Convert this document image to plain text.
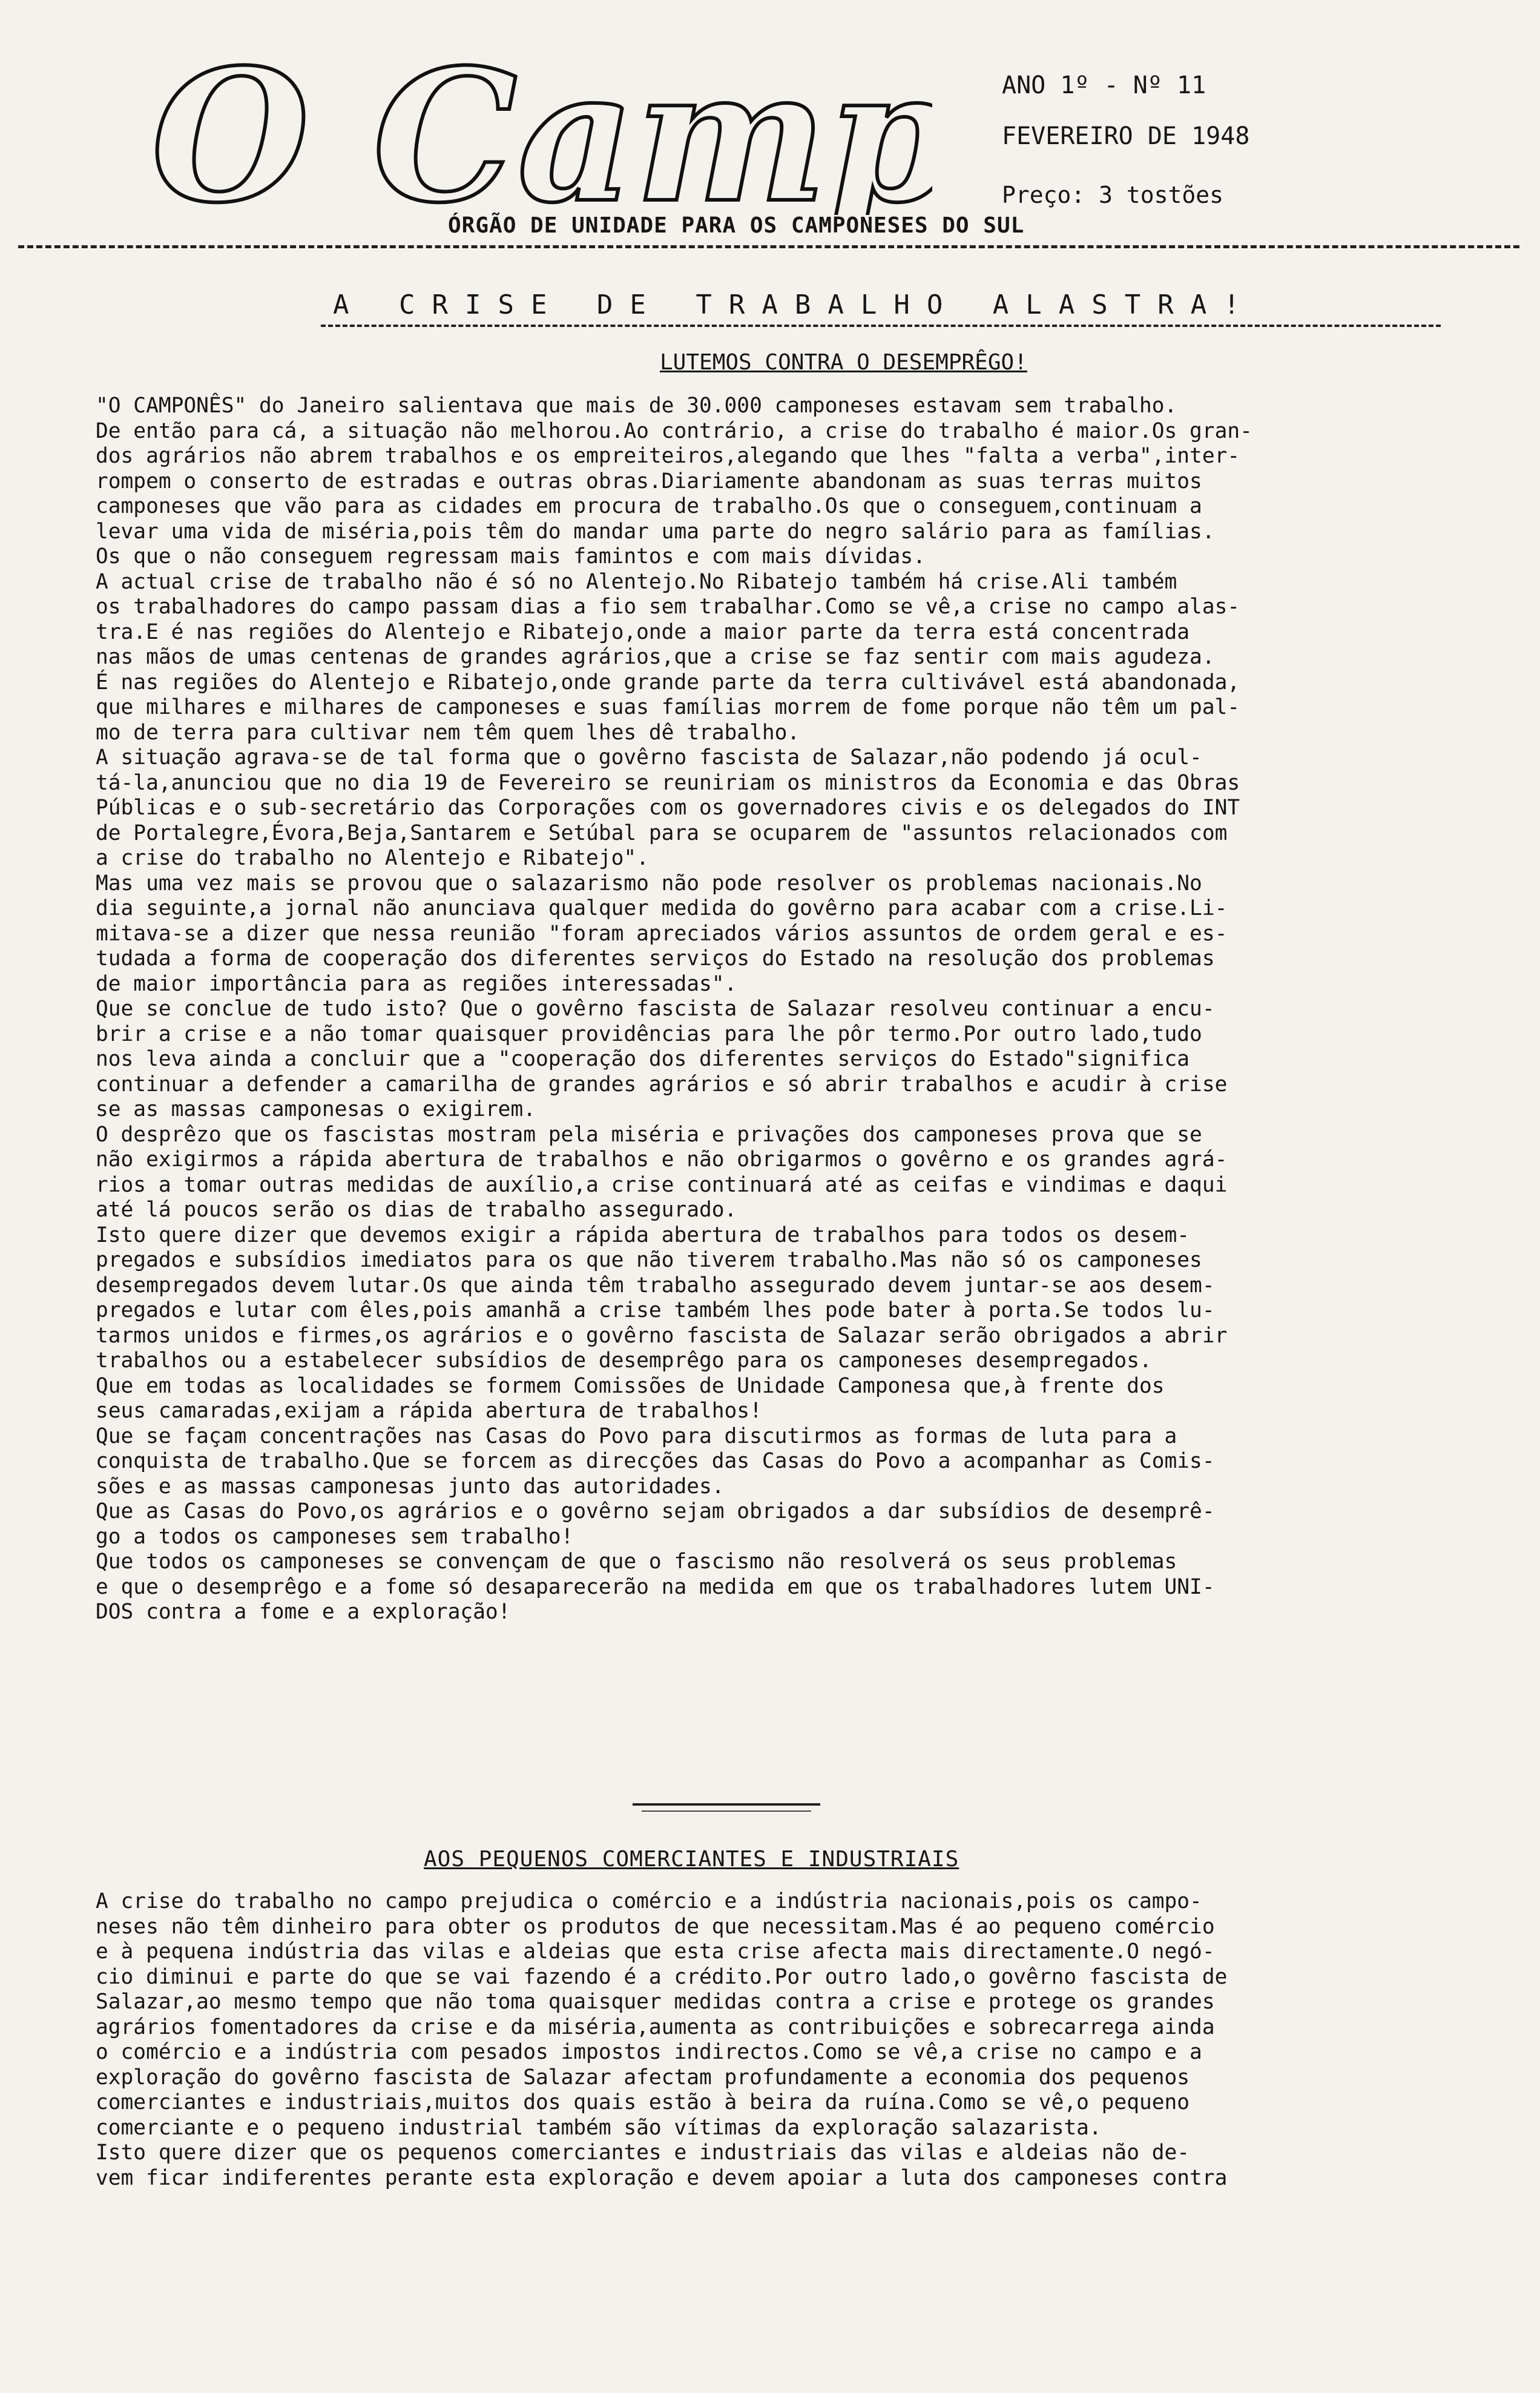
O Camp	ANO 1º - Nº 11
FEVEREIRO DE 1948
Preço: 3 tostões
ÓRGÃO DE UNIDADE PARA OS CAMPONESES DO SUL
A CRISE DE TRABALHO ALASTRA!
LUTEMOS CONTRA O DESEMPRÊGO!
"O CAMPONÊS" do Janeiro salientava que mais de 30.000 camponeses estavam sem trabalho.
De então para cá, a situação não melhorou.Ao contrário, a crise do trabalho é maior.Os gran-
dos agrários não abrem trabalhos e os empreiteiros,alegando que lhes "falta a verba",inter-
rompem o conserto de estradas e outras obras.Diariamente abandonam as suas terras muitos
camponeses que vão para as cidades em procura de trabalho.Os que o conseguem,continuam a
levar uma vida de miséria,pois têm do mandar uma parte do negro salário para as famílias.
Os que o não conseguem regressam mais famintos e com mais dívidas.
A actual crise de trabalho não é só no Alentejo.No Ribatejo também há crise.Ali também
os trabalhadores do campo passam dias a fio sem trabalhar.Como se vê,a crise no campo alas-
tra.E é nas regiões do Alentejo e Ribatejo,onde a maior parte da terra está concentrada
nas mãos de umas centenas de grandes agrários,que a crise se faz sentir com mais agudeza.
É nas regiões do Alentejo e Ribatejo,onde grande parte da terra cultivável está abandonada,
que milhares e milhares de camponeses e suas famílias morrem de fome porque não têm um pal-
mo de terra para cultivar nem têm quem lhes dê trabalho.
A situação agrava-se de tal forma que o govêrno fascista de Salazar,não podendo já ocul-
tá-la,anunciou que no dia 19 de Fevereiro se reuniriam os ministros da Economia e das Obras
Públicas e o sub-secretário das Corporações com os governadores civis e os delegados do INT
de Portalegre,Évora,Beja,Santarem e Setúbal para se ocuparem de "assuntos relacionados com
a crise do trabalho no Alentejo e Ribatejo".
Mas uma vez mais se provou que o salazarismo não pode resolver os problemas nacionais.No
dia seguinte,a jornal não anunciava qualquer medida do govêrno para acabar com a crise.Li-
mitava-se a dizer que nessa reunião "foram apreciados vários assuntos de ordem geral e es-
tudada a forma de cooperação dos diferentes serviços do Estado na resolução dos problemas
de maior importância para as regiões interessadas".
Que se conclue de tudo isto? Que o govêrno fascista de Salazar resolveu continuar a encu-
brir a crise e a não tomar quaisquer providências para lhe pôr termo.Por outro lado,tudo
nos leva ainda a concluir que a "cooperação dos diferentes serviços do Estado"significa
continuar a defender a camarilha de grandes agrários e só abrir trabalhos e acudir à crise
se as massas camponesas o exigirem.
O desprêzo que os fascistas mostram pela miséria e privações dos camponeses prova que se
não exigirmos a rápida abertura de trabalhos e não obrigarmos o govêrno e os grandes agrá-
rios a tomar outras medidas de auxílio,a crise continuará até as ceifas e vindimas e daqui
até lá poucos serão os dias de trabalho assegurado.
Isto quere dizer que devemos exigir a rápida abertura de trabalhos para todos os desem-
pregados e subsídios imediatos para os que não tiverem trabalho.Mas não só os camponeses
desempregados devem lutar.Os que ainda têm trabalho assegurado devem juntar-se aos desem-
pregados e lutar com êles,pois amanhã a crise também lhes pode bater à porta.Se todos lu-
tarmos unidos e firmes,os agrários e o govêrno fascista de Salazar serão obrigados a abrir
trabalhos ou a estabelecer subsídios de desemprêgo para os camponeses desempregados.
Que em todas as localidades se formem Comissões de Unidade Camponesa que,à frente dos
seus camaradas,exijam a rápida abertura de trabalhos!
Que se façam concentrações nas Casas do Povo para discutirmos as formas de luta para a
conquista de trabalho.Que se forcem as direcções das Casas do Povo a acompanhar as Comis-
sões e as massas camponesas junto das autoridades.
Que as Casas do Povo,os agrários e o govêrno sejam obrigados a dar subsídios de desemprê-
go a todos os camponeses sem trabalho!
Que todos os camponeses se convençam de que o fascismo não resolverá os seus problemas
e que o desemprêgo e a fome só desaparecerão na medida em que os trabalhadores lutem UNI-
DOS contra a fome e a exploração!
AOS PEQUENOS COMERCIANTES E INDUSTRIAIS
A crise do trabalho no campo prejudica o comércio e a indústria nacionais,pois os campo-
neses não têm dinheiro para obter os produtos de que necessitam.Mas é ao pequeno comércio
e à pequena indústria das vilas e aldeias que esta crise afecta mais directamente.O negó-
cio diminui e parte do que se vai fazendo é a crédito.Por outro lado,o govêrno fascista de
Salazar,ao mesmo tempo que não toma quaisquer medidas contra a crise e protege os grandes
agrários fomentadores da crise e da miséria,aumenta as contribuições e sobrecarrega ainda
o comércio e a indústria com pesados impostos indirectos.Como se vê,a crise no campo e a
exploração do govêrno fascista de Salazar afectam profundamente a economia dos pequenos
comerciantes e industriais,muitos dos quais estão à beira da ruína.Como se vê,o pequeno
comerciante e o pequeno industrial também são vítimas da exploração salazarista.
Isto quere dizer que os pequenos comerciantes e industriais das vilas e aldeias não de-
vem ficar indiferentes perante esta exploração e devem apoiar a luta dos camponeses contra
